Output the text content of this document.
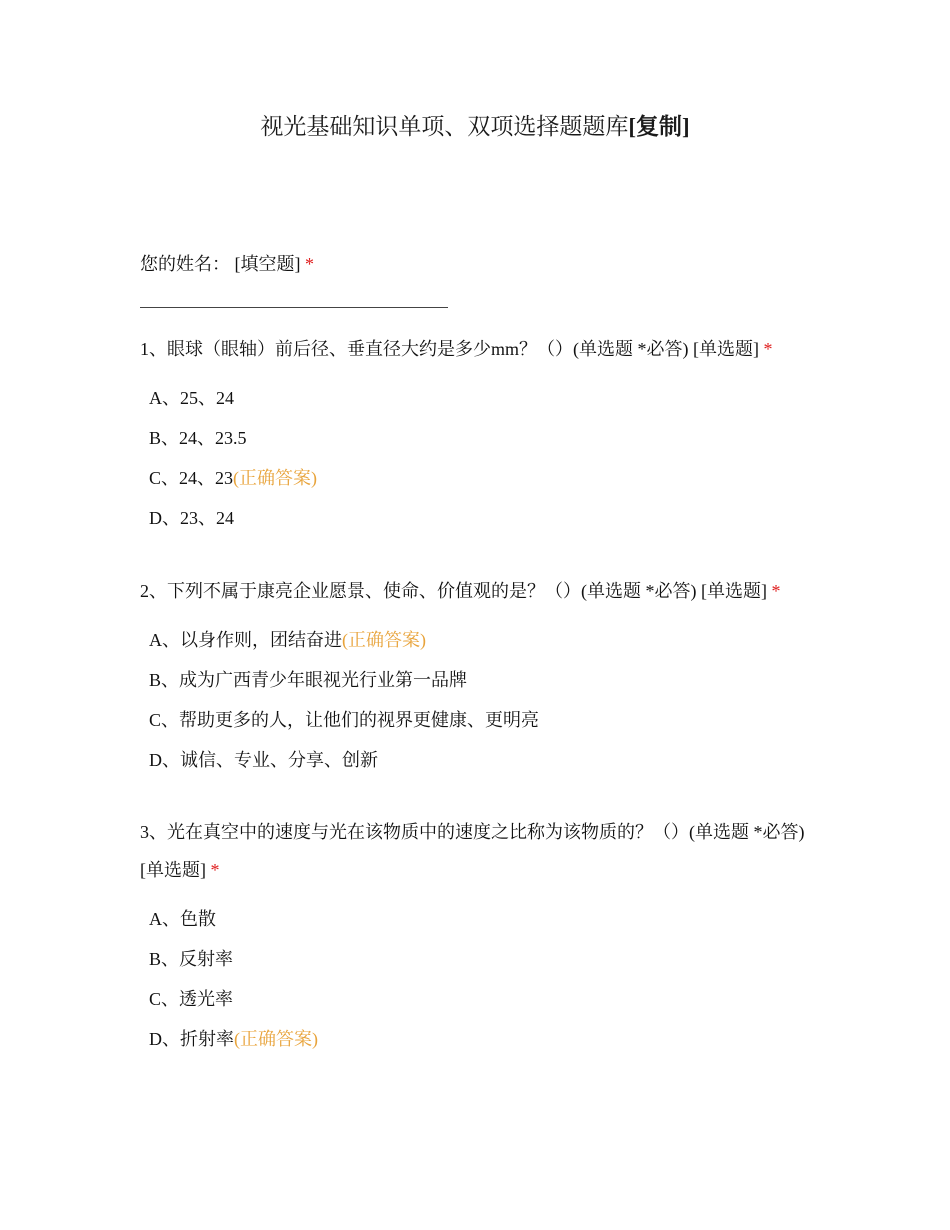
视光基础知识单项、双项选择题题库[复制]
您的姓名： [填空题] *
1、眼球（眼轴）前后径、垂直径大约是多少mm？（）(单选题 *必答) [单选题] *
A、25、24
B、24、23.5
C、24、23(正确答案)
D、23、24
2、下列不属于康亮企业愿景、使命、价值观的是？（）(单选题 *必答) [单选题] *
A、以身作则，团结奋进(正确答案)
B、成为广西青少年眼视光行业第一品牌
C、帮助更多的人，让他们的视界更健康、更明亮
D、诚信、专业、分享、创新
3、光在真空中的速度与光在该物质中的速度之比称为该物质的？（）(单选题 *必答) [单选题] *
A、色散
B、反射率
C、透光率
D、折射率(正确答案)
